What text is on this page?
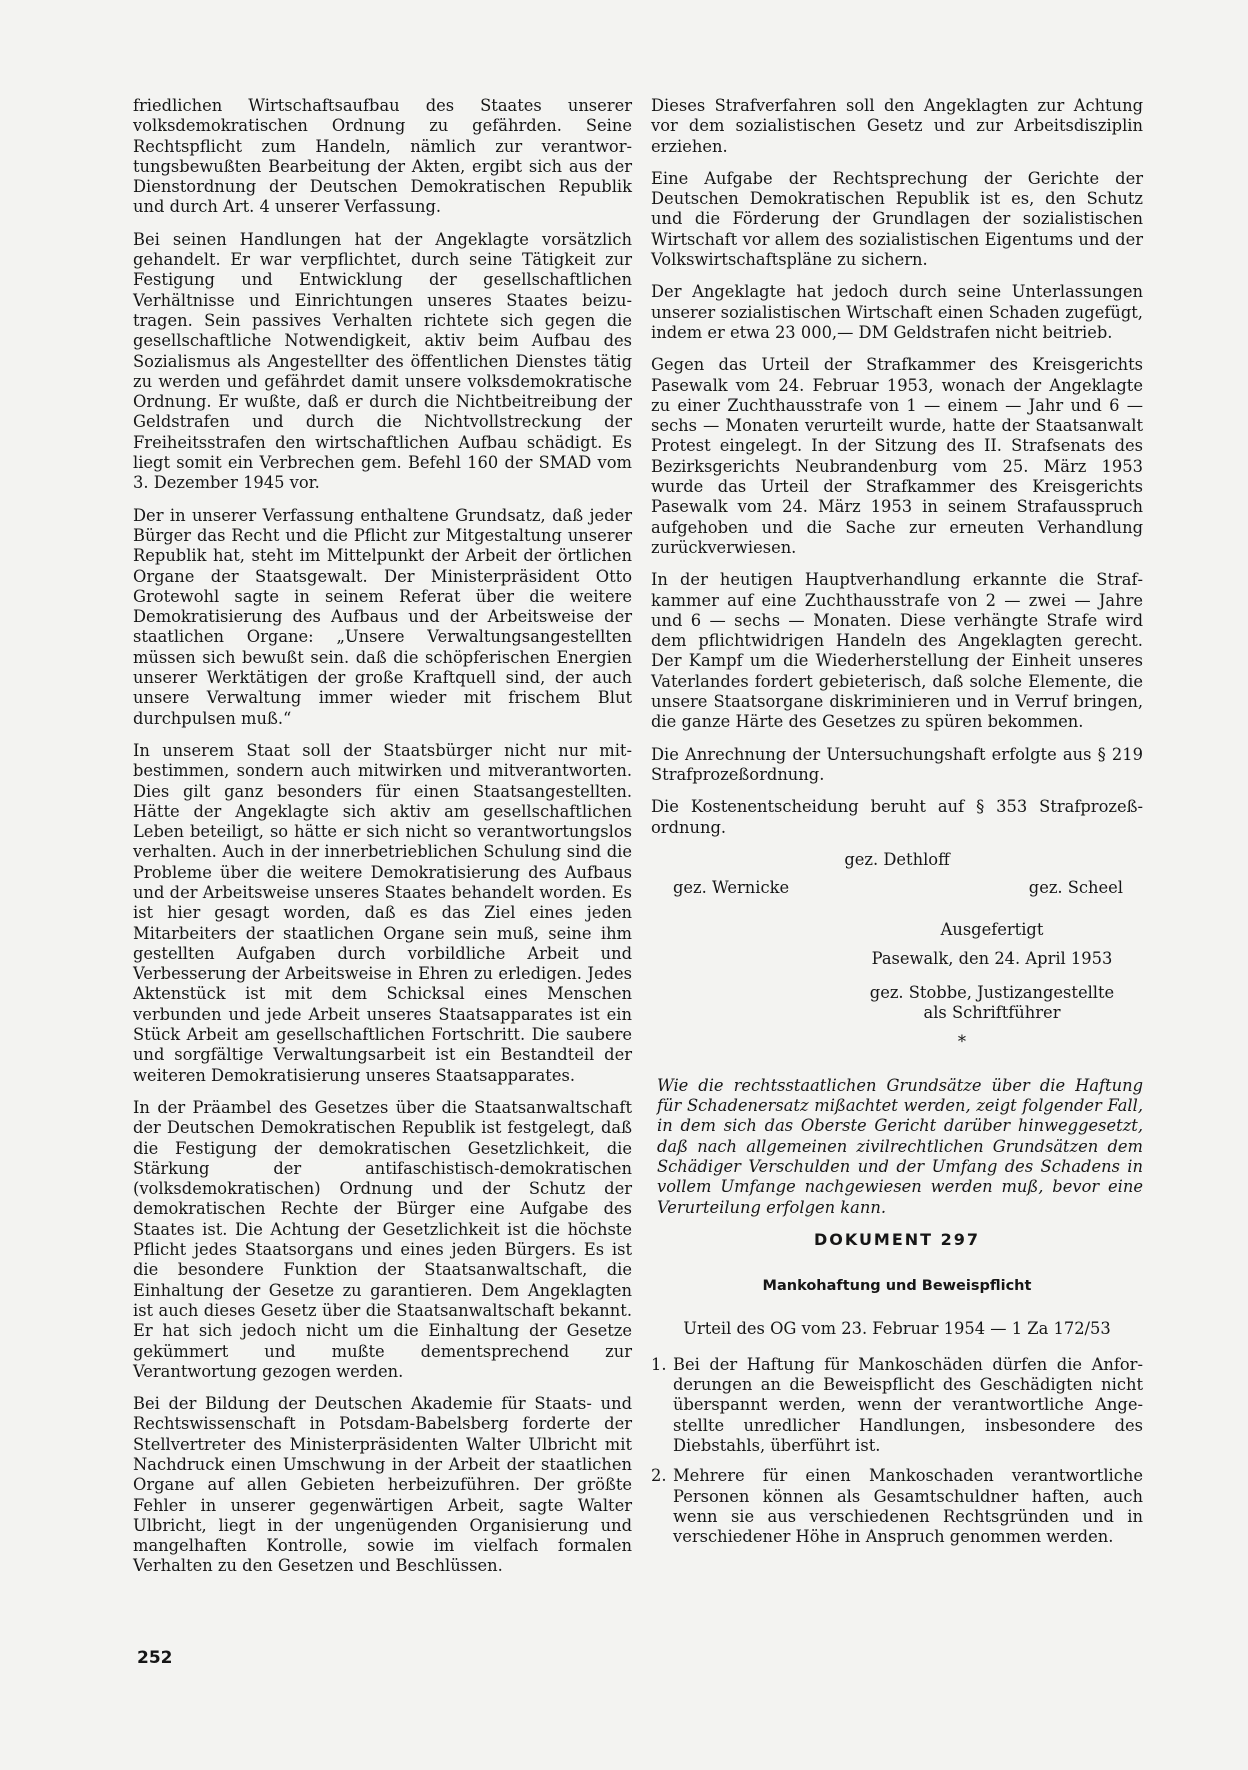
friedlichen Wirtschaftsaufbau des Staates unserer volksdemokratischen Ordnung zu gefährden. Seine Rechtspflicht zum Handeln, nämlich zur verantwortungsbewußten Bearbeitung der Akten, ergibt sich aus der Dienstordnung der Deutschen Demokratischen Republik und durch Art. 4 unserer Verfassung.

Bei seinen Handlungen hat der Angeklagte vorsätzlich gehandelt. Er war verpflichtet, durch seine Tätigkeit zur Festigung und Entwicklung der gesellschaftlichen Verhältnisse und Einrichtungen unseres Staates beizutragen. Sein passives Verhalten richtete sich gegen die gesellschaftliche Notwendigkeit, aktiv beim Aufbau des Sozialismus als Angestellter des öffentlichen Dienstes tätig zu werden und gefährdet damit unsere volksdemokratische Ordnung. Er wußte, daß er durch die Nichtbeitreibung der Geldstrafen und durch die Nichtvollstreckung der Freiheitsstrafen den wirtschaftlichen Aufbau schädigt. Es liegt somit ein Verbrechen gem. Befehl 160 der SMAD vom 3. Dezember 1945 vor.

Der in unserer Verfassung enthaltene Grundsatz, daß jeder Bürger das Recht und die Pflicht zur Mitgestaltung unserer Republik hat, steht im Mittelpunkt der Arbeit der örtlichen Organe der Staatsgewalt. Der Ministerpräsident Otto Grotewohl sagte in seinem Referat über die weitere Demokratisierung des Aufbaus und der Arbeitsweise der staatlichen Organe: „Unsere Verwaltungsangestellten müssen sich bewußt sein. daß die schöpferischen Energien unserer Werktätigen der große Kraftquell sind, der auch unsere Verwaltung immer wieder mit frischem Blut durchpulsen muß.“

In unserem Staat soll der Staatsbürger nicht nur mitbestimmen, sondern auch mitwirken und mitverantworten. Dies gilt ganz besonders für einen Staatsangestellten. Hätte der Angeklagte sich aktiv am gesellschaftlichen Leben beteiligt, so hätte er sich nicht so verantwortungslos verhalten. Auch in der innerbetrieblichen Schulung sind die Probleme über die weitere Demokratisierung des Aufbaus und der Arbeitsweise unseres Staates behandelt worden. Es ist hier gesagt worden, daß es das Ziel eines jeden Mitarbeiters der staatlichen Organe sein muß, seine ihm gestellten Aufgaben durch vorbildliche Arbeit und Verbesserung der Arbeitsweise in Ehren zu erledigen. Jedes Aktenstück ist mit dem Schicksal eines Menschen verbunden und jede Arbeit unseres Staatsapparates ist ein Stück Arbeit am gesellschaftlichen Fortschritt. Die saubere und sorgfältige Verwaltungsarbeit ist ein Bestandteil der weiteren Demokratisierung unseres Staatsapparates.

In der Präambel des Gesetzes über die Staatsanwaltschaft der Deutschen Demokratischen Republik ist festgelegt, daß die Festigung der demokratischen Gesetzlichkeit, die Stärkung der antifaschistisch-demokratischen (volksdemokratischen) Ordnung und der Schutz der demokratischen Rechte der Bürger eine Aufgabe des Staates ist. Die Achtung der Gesetzlichkeit ist die höchste Pflicht jedes Staatsorgans und eines jeden Bürgers. Es ist die besondere Funktion der Staatsanwaltschaft, die Einhaltung der Gesetze zu garantieren. Dem Angeklagten ist auch dieses Gesetz über die Staatsanwaltschaft bekannt. Er hat sich jedoch nicht um die Einhaltung der Gesetze gekümmert und mußte dementsprechend zur Verantwortung gezogen werden.

Bei der Bildung der Deutschen Akademie für Staats- und Rechtswissenschaft in Potsdam-Babelsberg forderte der Stellvertreter des Ministerpräsidenten Walter Ulbricht mit Nachdruck einen Umschwung in der Arbeit der staatlichen Organe auf allen Gebieten herbeizuführen. Der größte Fehler in unserer gegenwärtigen Arbeit, sagte Walter Ulbricht, liegt in der ungenügenden Organisierung und mangelhaften Kontrolle, sowie im vielfach formalen Verhalten zu den Gesetzen und Beschlüssen.

Dieses Strafverfahren soll den Angeklagten zur Achtung vor dem sozialistischen Gesetz und zur Arbeitsdisziplin erziehen.

Eine Aufgabe der Rechtsprechung der Gerichte der Deutschen Demokratischen Republik ist es, den Schutz und die Förderung der Grundlagen der sozialistischen Wirtschaft vor allem des sozialistischen Eigentums und der Volkswirtschaftspläne zu sichern.

Der Angeklagte hat jedoch durch seine Unterlassungen unserer sozialistischen Wirtschaft einen Schaden zugefügt, indem er etwa 23 000,— DM Geldstrafen nicht beitrieb.

Gegen das Urteil der Strafkammer des Kreisgerichts Pasewalk vom 24. Februar 1953, wonach der Angeklagte zu einer Zuchthausstrafe von 1 — einem — Jahr und 6 — sechs — Monaten verurteilt wurde, hatte der Staatsanwalt Protest eingelegt. In der Sitzung des II. Strafsenats des Bezirksgerichts Neubrandenburg vom 25. März 1953 wurde das Urteil der Strafkammer des Kreisgerichts Pasewalk vom 24. März 1953 in seinem Strafausspruch aufgehoben und die Sache zur erneuten Verhandlung zurückverwiesen.

In der heutigen Hauptverhandlung erkannte die Strafkammer auf eine Zuchthausstrafe von 2 — zwei — Jahre und 6 — sechs — Monaten. Diese verhängte Strafe wird dem pflichtwidrigen Handeln des Angeklagten gerecht. Der Kampf um die Wiederherstellung der Einheit unseres Vaterlandes fordert gebieterisch, daß solche Elemente, die unsere Staatsorgane diskriminieren und in Verruf bringen, die ganze Härte des Gesetzes zu spüren bekommen.

Die Anrechnung der Untersuchungshaft erfolgte aus § 219 Strafprozeßordnung.

Die Kostenentscheidung beruht auf § 353 Strafprozeßordnung.

gez. Dethloff
gez. Wernicke	gez. Scheel
Ausgefertigt
Pasewalk, den 24. April 1953
gez. Stobbe, Justizangestellte
als Schriftführer
*

Wie die rechtsstaatlichen Grundsätze über die Haftung für Schadenersatz mißachtet werden, zeigt folgender Fall, in dem sich das Oberste Gericht darüber hinweggesetzt, daß nach allgemeinen zivilrechtlichen Grundsätzen dem Schädiger Verschulden und der Umfang des Schadens in vollem Umfange nachgewiesen werden muß, bevor eine Verurteilung erfolgen kann.

DOKUMENT 297
Mankohaftung und Beweispflicht
Urteil des OG vom 23. Februar 1954 — 1 Za 172/53
1. Bei der Haftung für Mankoschäden dürfen die Anforderungen an die Beweispflicht des Geschädigten nicht überspannt werden, wenn der verantwortliche Angestellte unredlicher Handlungen, insbesondere des Diebstahls, überführt ist.
2. Mehrere für einen Mankoschaden verantwortliche Personen können als Gesamtschuldner haften, auch wenn sie aus verschiedenen Rechtsgründen und in verschiedener Höhe in Anspruch genommen werden.
252
